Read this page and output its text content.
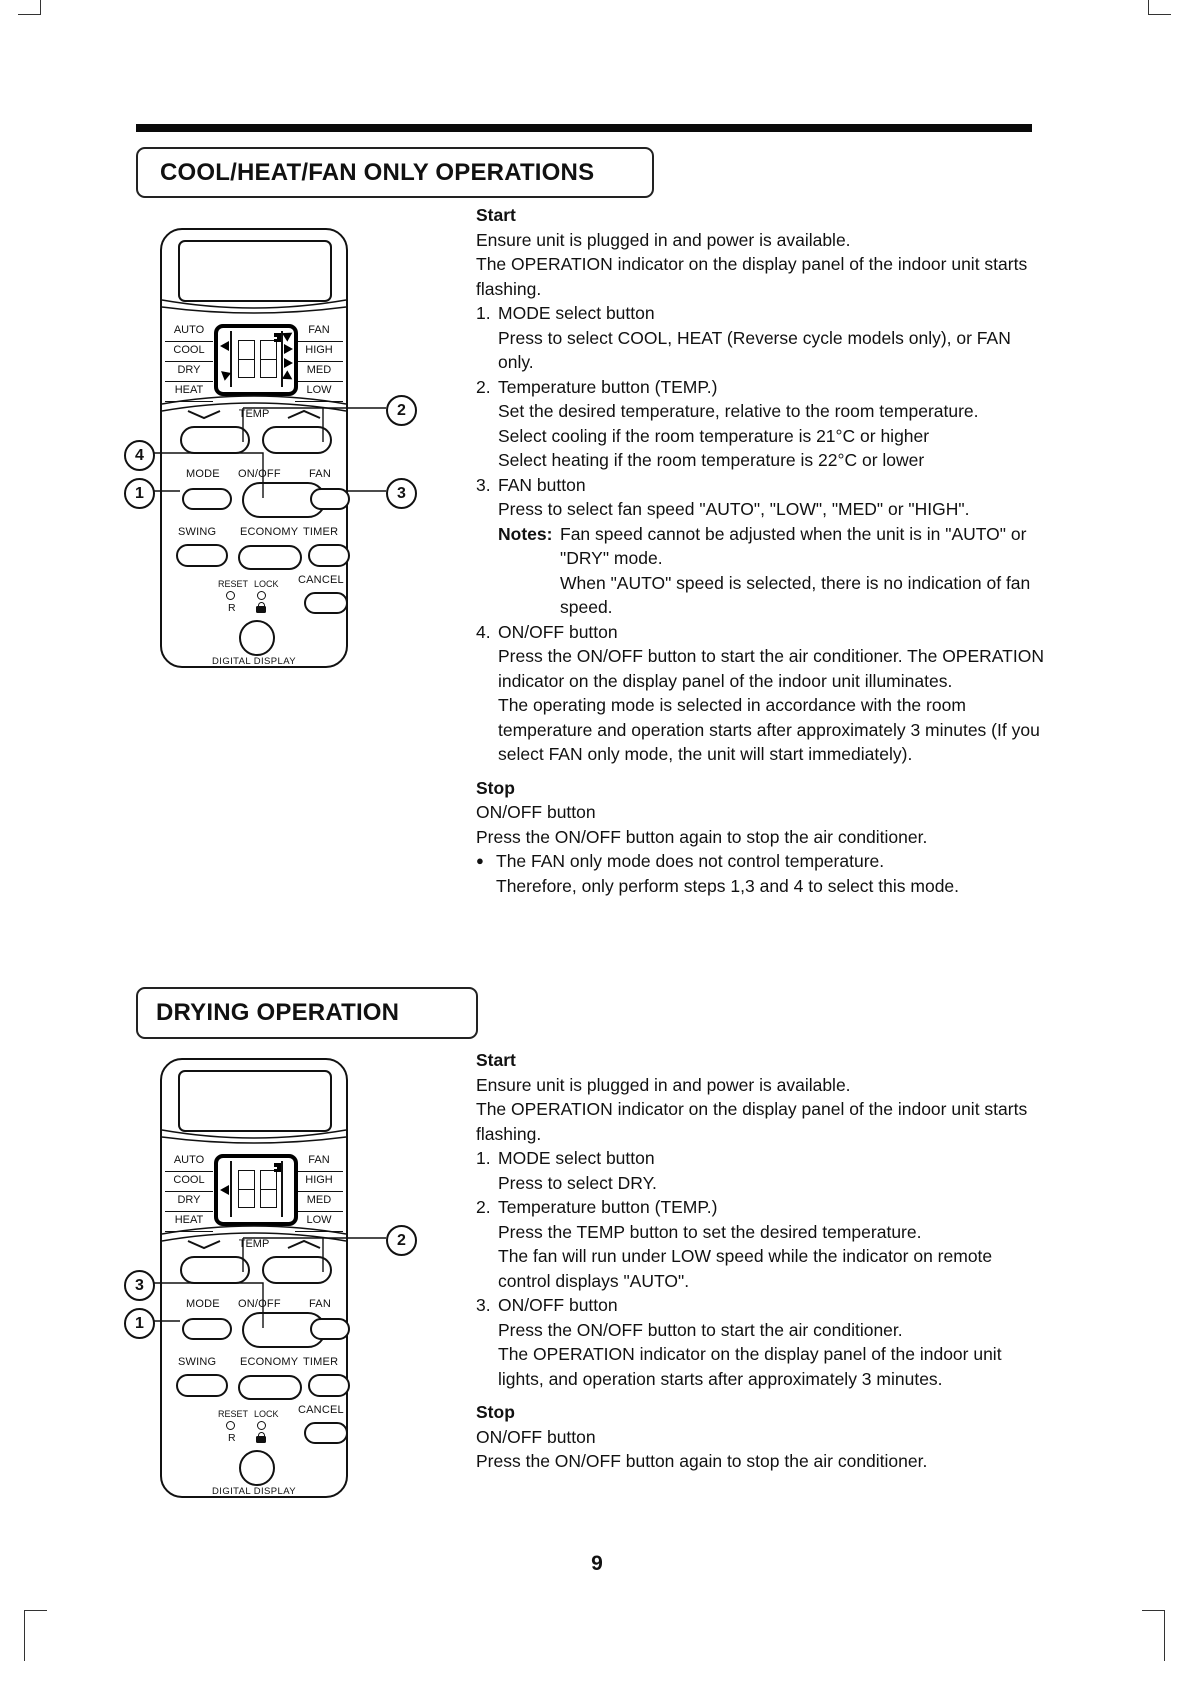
COOL/HEAT/FAN ONLY OPERATIONS
AUTO
COOL
DRY
HEAT
FAN
HIGH
MED
LOW
TEMP
MODE ON/OFF	FAN
SWING ECONOMY TIMER
CANCEL
RESET LOCK
R
DIGITAL DISPLAY
2
4
1	3
Start
Ensure unit is plugged in and power is available.
The OPERATION indicator on the display panel of the indoor unit starts flashing.
1. MODE select button
Press to select COOL, HEAT (Reverse cycle models only), or FAN only.
2. Temperature button (TEMP.)
Set the desired temperature, relative to the room temperature.
Select cooling if the room temperature is 21°C or higher
Select heating if the room temperature is 22°C or lower
3. FAN button
Press to select fan speed "AUTO", "LOW", "MED" or "HIGH".
Notes: Fan speed cannot be adjusted when the unit is in "AUTO" or "DRY" mode.
When "AUTO" speed is selected, there is no indication of fan speed.
4. ON/OFF button
Press the ON/OFF button to start the air conditioner. The OPERATION indicator on the display panel of the indoor unit illuminates.
The operating mode is selected in accordance with the room temperature and operation starts after approximately 3 minutes (If you select FAN only mode, the unit will start immediately).
Stop
ON/OFF button
Press the ON/OFF button again to stop the air conditioner.
● The FAN only mode does not control temperature.
Therefore, only perform steps 1,3 and 4 to select this mode.
DRYING OPERATION
AUTO
COOL
DRY
HEAT
FAN
HIGH
MED
LOW
TEMP
MODE ON/OFF	FAN
SWING ECONOMY TIMER
CANCEL
RESET LOCK
R
DIGITAL DISPLAY
2
3
1
Start
Ensure unit is plugged in and power is available.
The OPERATION indicator on the display panel of the indoor unit starts flashing.
1. MODE select button
Press to select DRY.
2. Temperature button (TEMP.)
Press the TEMP button to set the desired temperature.
The fan will run under LOW speed while the indicator on remote control displays "AUTO".
3. ON/OFF button
Press the ON/OFF button to start the air conditioner.
The OPERATION indicator on the display panel of the indoor unit lights, and operation starts after approximately 3 minutes.
Stop
ON/OFF button
Press the ON/OFF button again to stop the air conditioner.
9
